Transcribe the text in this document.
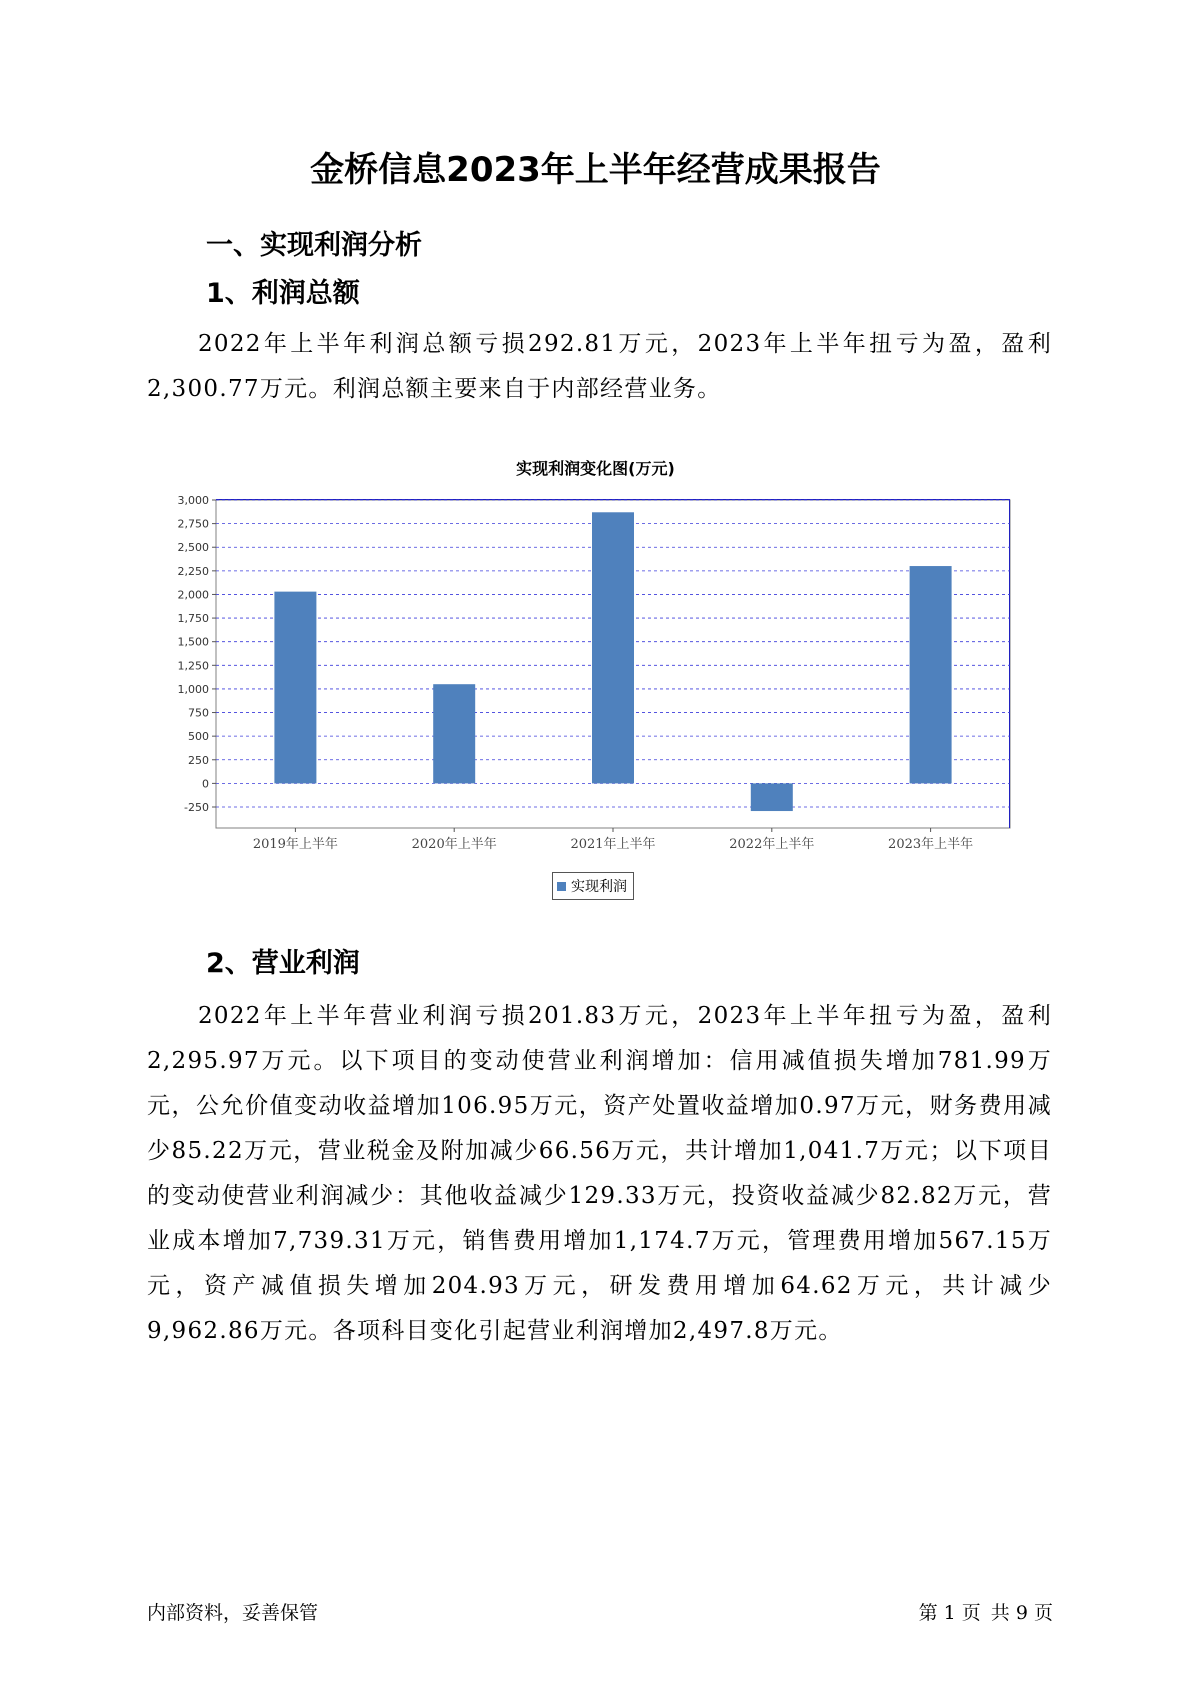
金桥信息2023年上半年经营成果报告
一、实现利润分析
1、利润总额

2022年上半年利润总额亏损292.81万元，2023年上半年扭亏为盈，盈利2,300.77万元。利润总额主要来自于内部经营业务。

实现利润变化图(万元)

-250
0
250
500
750
1,000
1,250
1,500
1,750
2,000
2,250
2,500
2,750
3,000
2019年上半年	2020年上半年	2021年上半年	2022年上半年	2023年上半年
实现利润
2、营业利润

2022年上半年营业利润亏损201.83万元，2023年上半年扭亏为盈，盈利2,295.97万元。以下项目的变动使营业利润增加：信用减值损失增加781.99万元，公允价值变动收益增加106.95万元，资产处置收益增加0.97万元，财务费用减少85.22万元，营业税金及附加减少66.56万元，共计增加1,041.7万元；以下项目的变动使营业利润减少：其他收益减少129.33万元，投资收益减少82.82万元，营业成本增加7,739.31万元，销售费用增加1,174.7万元，管理费用增加567.15万元，资产减值损失增加204.93万元，研发费用增加64.62万元，共计减少9,962.86万元。各项科目变化引起营业利润增加2,497.8万元。

内部资料，妥善保管	第 1 页 共 9 页
